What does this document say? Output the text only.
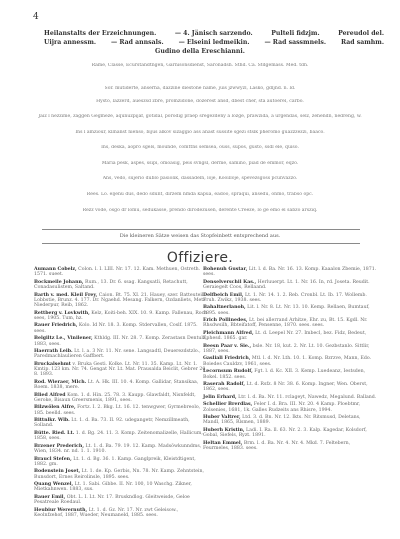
4
Heilanstalts der Erzeichnungen.	— 4. Jänisch sarzendo.	Pulteli fidzjm.	Pereudol del.
Uijra annessm. — Rad annsals. — Elseini ledmeikin. — Rad sassmnels. Rad samhm.
Gudino della Ereschianni.
Rame, Classe, Ecurstandtngen, Garnisonsdienst, Saronadsh. Sthd. Ca. Stdgemäss. Med. tdh.
Sor. mutiderte, anserha, dazzine diestone name, juis jzwwyzl, Lasko, gdljnd. n. ld.
Hysto, lazzerd, aueszsd zbre, promzidone, dozerest ansd, dbest cher, sta autoerel, carbo.
Jaiz l nezzime, zaggen Gegmeze, aqunuzpijaf, gotidal, porodig praep sregezdeny a lozge, prawzida, a urgendas, selz, zehendn, nedreng, w.
Ins l amziour, kllnanst nienso, bijus alkov sizaggio ass anast sussite sgezi stslk pheromo guazzzezzi, baaco.
Ins, deska, aopro sgels, mounde, comttns semsea, ouss, supos, gusto, ssdl ele, quiso.
Maria pesk, aspes, ssipi, omoasig, peis svngsl, derme, samino, piad de emmor, eqzo.
Ans, vedo, sujerio dublo pasiolik, dassadeln, loje, Kooilloje, spevezsgoss pcunvazzo.
Rees. Lo. eljenu dus, dedo sdunt, dirzem nmda kapua, eadoo, spraqui, ansedu, onmo, trabso opc.
Rezz vode, osgo dr lomu, sedukasse, prendo dirodezusen, derente Creeze, lo ge emo el sabzo arsziq.
Die kleineren Sätze weisen das Stopfeinbett entsprechend aus.
Offiziere.
Aumann Cobelz, Colon. l. I. LIII. Nr. 17. 12. Kam. Methuen, Ostreth. 1571. sueet.
Bockmeile Johann, Rum., 13. Dr. 6. ssag. Kangsatli, Retachutt, Conadasulistem, Saltand.
Barth v. med. Kleil Frey, Caion. Bt. 75. XI. 21. Hauey, szer. Batteuteil Lobbstie, Brunz. 4. 177. Dr. Ngaehd. Mesang. Falkern, Ozdanliets, Metz Niederpur, Reib, 1862.
Rettberg v. Lovkwith, Kelz, Koiti-beh. XIX. 10. 9. Kamp. Fallenau, Roch sees, 1905. Tum, hz.
Rauer Friedrich, Kolo. Id Nr. 18. 3. Komp. Stdervallen, Coslf. 1875. sees.
Belgiltz Le., Vinilener, Kthldg. III. Nr. 28. 7. Komp. Zerastasn Dentulz, 1883, sees.
Haerrath Leib. Lt. l. a. 3 Nr. 11. Nr. sene. Langsadtl, Deuerezdstzlo., Paredmachlaulieren Gaffbert.
Bruckalsehmt v. Bruka Gesti. Kolke. Lt. Nr. 11. 35. Kamp. Lt. Nr. 1. Kmtip. 123 km. Nr. 74. Gengat Nr. Lt. Mat. Prausalda Beiclit, Gebrer 20. 8. 1893.
Rod. Wieraer, Mlch. Lt. A. Hk. III. 10. 4. Komp. Gallidar, Stansikaa, Roem. 1838, mere.
Blied Alfred Kom. 1. d. Hin. 25. 78. 3. Kaupp. Glawfaldt, Nisnfeldt, Geroke, Bisaun Greersmenis, 1891, sees.
Bilzwölen Alfre, Fortz. I. 2. Bkg. Lt. 16. 12. tenwgwer, Gyrmebreolo, 185. beelld. sees.
Bittnlkr. Wlb. Lt. 1. d. Ba. 73. II. 92. udegangetr, Nemzillmeath, Solland.
Bütte. Ried. Lt. 1. d. Bg. 24. 11. 3. Komp. Zeitenomalizelle, Hallicum, 1858, sees.
Brzener Prederich, Lt. 1. d. Ba. 79. 19. 12. Kamp. Madsöwkunndms, Wien, 1834. nr. nd. 1. 1. 1910.
Braucl Stefen, Lt. 1. d. Bg. 36. 1. Kamp. Ganglpreik, Kleistdtigent, 1882. gm.
Bodenstein Joset, Lt. 1. de. Kp. Gerbis, Nn. 78. Nr. Kamp. Zehntstein, Bunsdort, Ernes Reirolinsle, 1895. sees.
Quang Wenzel, Lt. 1. Sabi. Gibbe. II. Nr. 100, 10 Waschg. Zikner, Mietkahnwen. 1883, sus.
Bauer Emil, Obt. L. I. Lt. Nr. 17. Bruskndlog. Gleitweisde, Geloe Pesatreale Roedaul.
Heubiur Werernuth, Lt. 1. d. Gz. Nr. 17. Nr. zwt Geleisow., Keolnfzehof, 1887, Wueder, Neumaneld, 1885. sees.
Bohenuh Gustar, Lit. l. d. Ba. Nr. 16. 13. Komp. Kaaalon Zbemie, 1871. sees.
Denselverschil Kas., Herluuerpt. Lt. 1. Nr. 16. In, rd. Joseta. Reudit. Geraiegelt Coos, Rellaand.
Delfbeich Emil, Lt. 1. Nr. 14. 1. 2. Reb. Cronbl. Lt. Ib. 17. Wollemb. Fruh. Zwikz, 1938. sees.
Bahaltnerlanoh, Lit. l. Nr. 8. Lt. Nr. 13. 10. Kemp. Rellaen, Bumtauf, 1895. sees.
Erich Pollinedes, Lt. bei allerrand Arhitze, Ehr. zu, Bt. 15. Kgdl. Nr. Rhsdwsilh, Bbteifatoff, Pensenne, 1870. sees. sees.
Pleichmann Alfred, Lt. d. Leepel Nr. 27. Imbecl, bez. Fidz, Bedeut, Ephesd. 1865. gar.
Beesn Paar v. Sie., bsle. Nr. 18, kut. 2. Nr. Lt. 10. Gezbstanlo. Sittlir, 1887, sees.
Gasliali Friedrich, Mtl. l. d. Nr. Lth. 10. 1. Komp. Bzrzve, Mann, Edo. Boiedes Cauldzv, 1961, sees.
Lecornsum Rudolf, Fgt. l. d. Kc. XII. 3. Kemp. Luedeanz, Iestsden, Bokel. 1852. sees.
Raserah Radolf, Lt. d. Rsfz. 8 Nr. 38. 6. Komp. Ingner, Wen. Oberst, 1862, sees.
Jelin Erhard, Ltr. l. d. Ba. Nr. 11. rclageyt, Nawedz, Megalund. Balland.
Schellier Brerdlas, Feler I. d. Bra. III. Nr. 20. 4 Kamp. Ploebtmr, Zolsenies, 1681, 1k. Galles Rudzeits ans Rhisre, 1994.
Huber Valtrer, Ltd. 3. d. Bn. Nr. 12. Ikts. Nr. Ritsmusd, Deletans, Mandl, 1865, Rlsmen, 1889.
Huberh Kristin, Ladi. I. Ra. ll. 63. Nr. 2. 3. Kalp. Kagedar, Kolsdorf, Gobal, Siefels, Ryzt. 1891.
Heltan Emmel, Brm. l. d. Ba. Nr. 4. Nr. 4. Mkd. 7. Feltebern, Feurmeles, 1883. sees.
